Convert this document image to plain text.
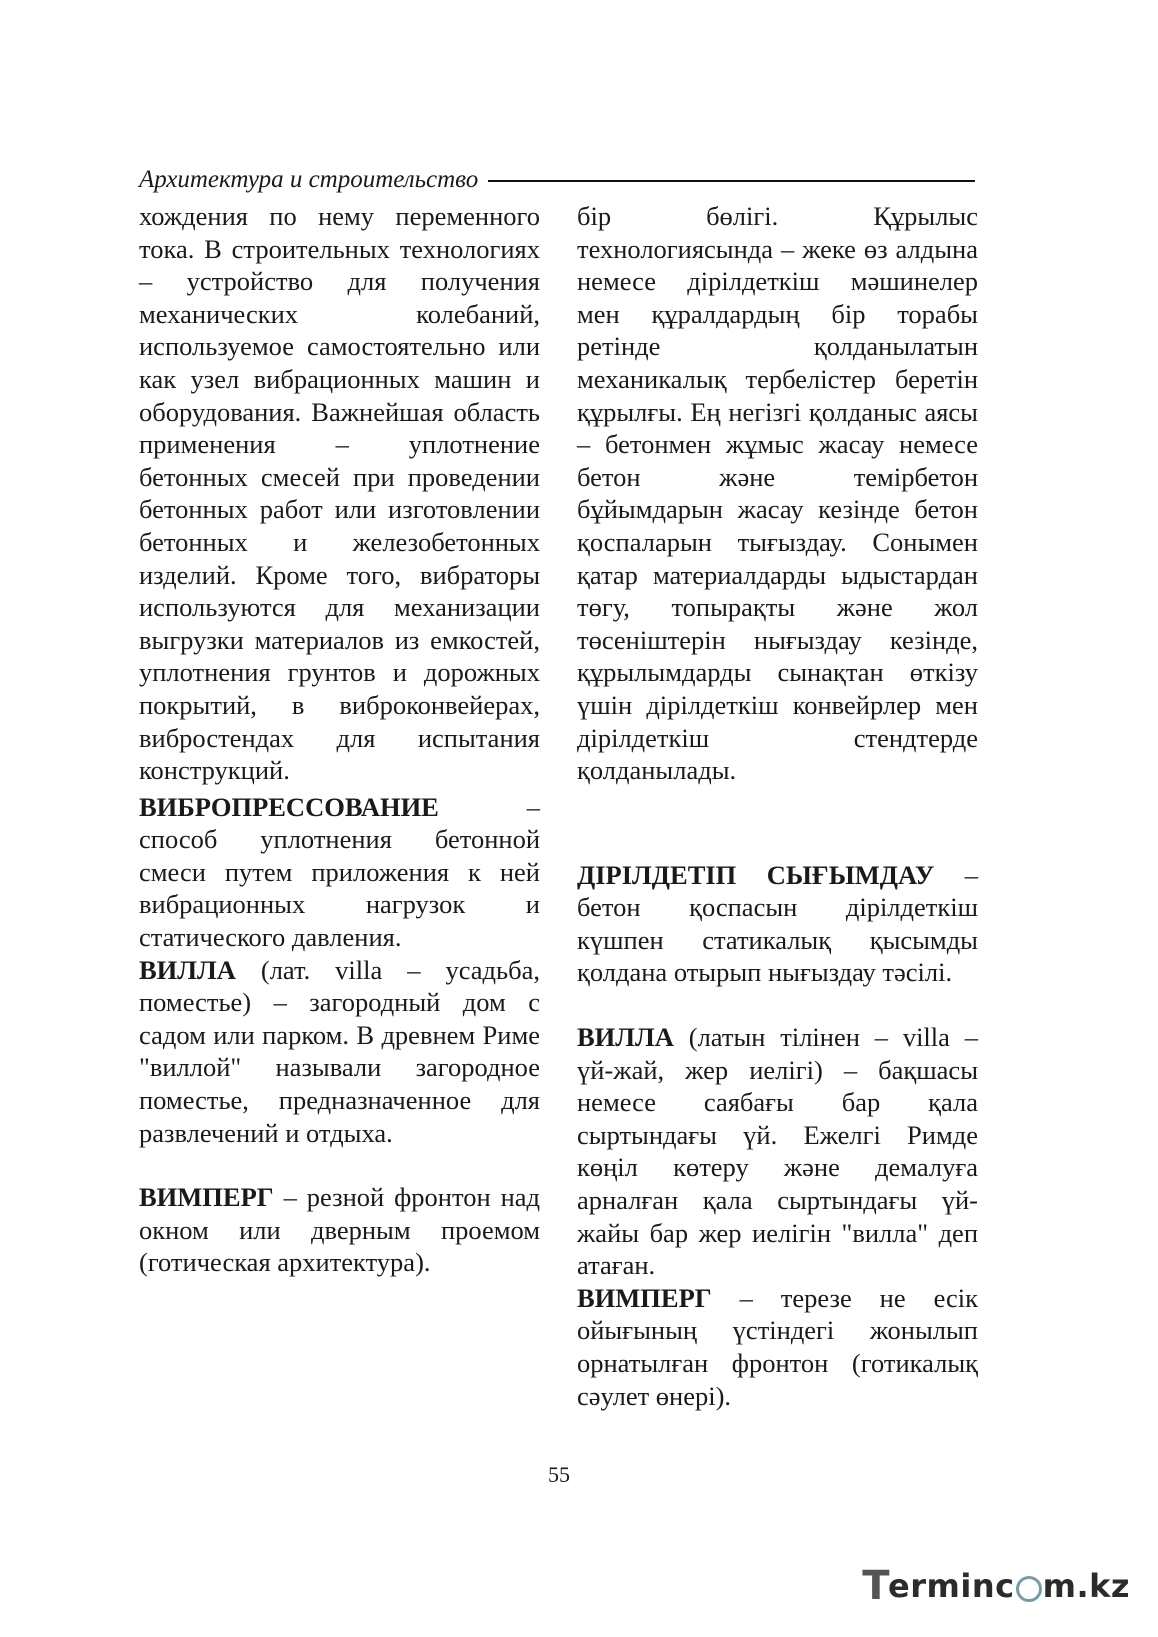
Архитектура и строительство

хождения по нему переменного тока. В строительных технологиях – устройство для получения механических колебаний, используемое самостоятельно или как узел вибрационных машин и оборудования. Важнейшая область применения – уплотнение бетонных смесей при проведении бетонных работ или изготовлении бетонных и железобетонных изделий. Кроме того, вибраторы используются для механизации выгрузки материалов из емкостей, уплотнения грунтов и дорожных покрытий, в виброконвейерах, вибростендах для испытания конструкций.

ВИБРОПРЕССОВАНИЕ – способ уплотнения бетонной смеси путем приложения к ней вибрационных нагрузок и статического давления.

ВИЛЛА (лат. villa – усадьба, поместье) – загородный дом с садом или парком. В древнем Риме "виллой" называли загородное поместье, предназначенное для развлечений и отдыха.

ВИМПЕРГ – резной фронтон над окном или дверным проемом (готическая архитектура).

бір бөлігі. Құрылыс технологиясында – жеке өз алдына немесе дірілдеткіш мәшинелер мен құралдардың бір торабы ретінде қолданылатын механикалық тербелістер беретін құрылғы. Ең негізгі қолданыс аясы – бетонмен жұмыс жасау немесе бетон және темірбетон бұйымдарын жасау кезінде бетон қоспаларын тығыздау. Сонымен қатар материалдарды ыдыстардан төгу, топырақты және жол төсеніштерін нығыздау кезінде, құрылымдарды сынақтан өткізу үшін дірілдеткіш конвейрлер мен дірілдеткіш стендтерде қолданылады.

ДІРІЛДЕТІП СЫҒЫМДАУ – бетон қоспасын дірілдеткіш күшпен статикалық қысымды қолдана отырып нығыздау тәсілі.

ВИЛЛА (латын тілінен – villa – үй-жай, жер иелігі) – бақшасы немесе саябағы бар қала сыртындағы үй. Ежелгі Римде көңіл көтеру және демалуға арналған қала сыртындағы үй-жайы бар жер иелігін "вилла" деп атаған.

ВИМПЕРГ – терезе не есік ойығының үстіндегі жонылып орнатылған фронтон (готикалық сәулет өнері).

55
T
erminc m.kz
